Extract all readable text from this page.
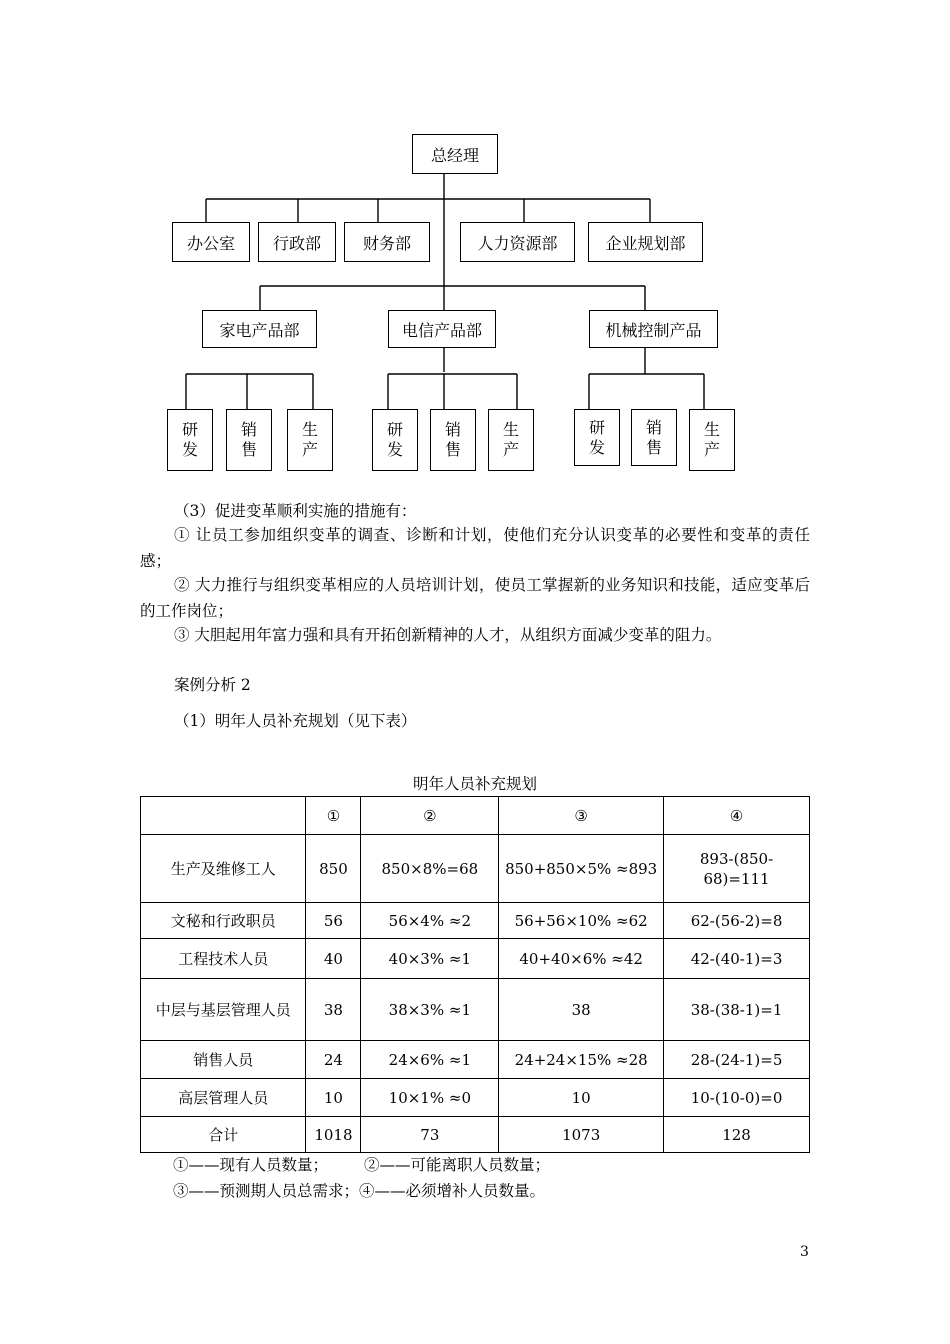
总经理
办公室	行政部	财务部	人力资源部	企业规划部
家电产品部	电信产品部	机械控制产品
研
发
销
售
生
产
研
发
销
售
生
产
研
发
销
售
生
产
（3）促进变革顺利实施的措施有：
① 让员工参加组织变革的调查、诊断和计划，使他们充分认识变革的必要性和变革的责任感；
② 大力推行与组织变革相应的人员培训计划，使员工掌握新的业务知识和技能，适应变革后的工作岗位；
③ 大胆起用年富力强和具有开拓创新精神的人才，从组织方面减少变革的阻力。
案例分析 2
（1）明年人员补充规划（见下表）
明年人员补充规划
	①	②	③	④
生产及维修工人	850	850×8%=68	850+850×5% ≈893	893-(850-68)=111
文秘和行政职员	56	56×4% ≈2	56+56×10% ≈62	62-(56-2)=8
工程技术人员	40	40×3% ≈1	40+40×6% ≈42	42-(40-1)=3
中层与基层管理人员	38	38×3% ≈1	38	38-(38-1)=1
销售人员	24	24×6% ≈1	24+24×15% ≈28	28-(24-1)=5
高层管理人员	10	10×1% ≈0	10	10-(10-0)=0
合计	1018	73	1073	128
①——现有人员数量； ②——可能离职人员数量；
③——预测期人员总需求；④——必须增补人员数量。
3
